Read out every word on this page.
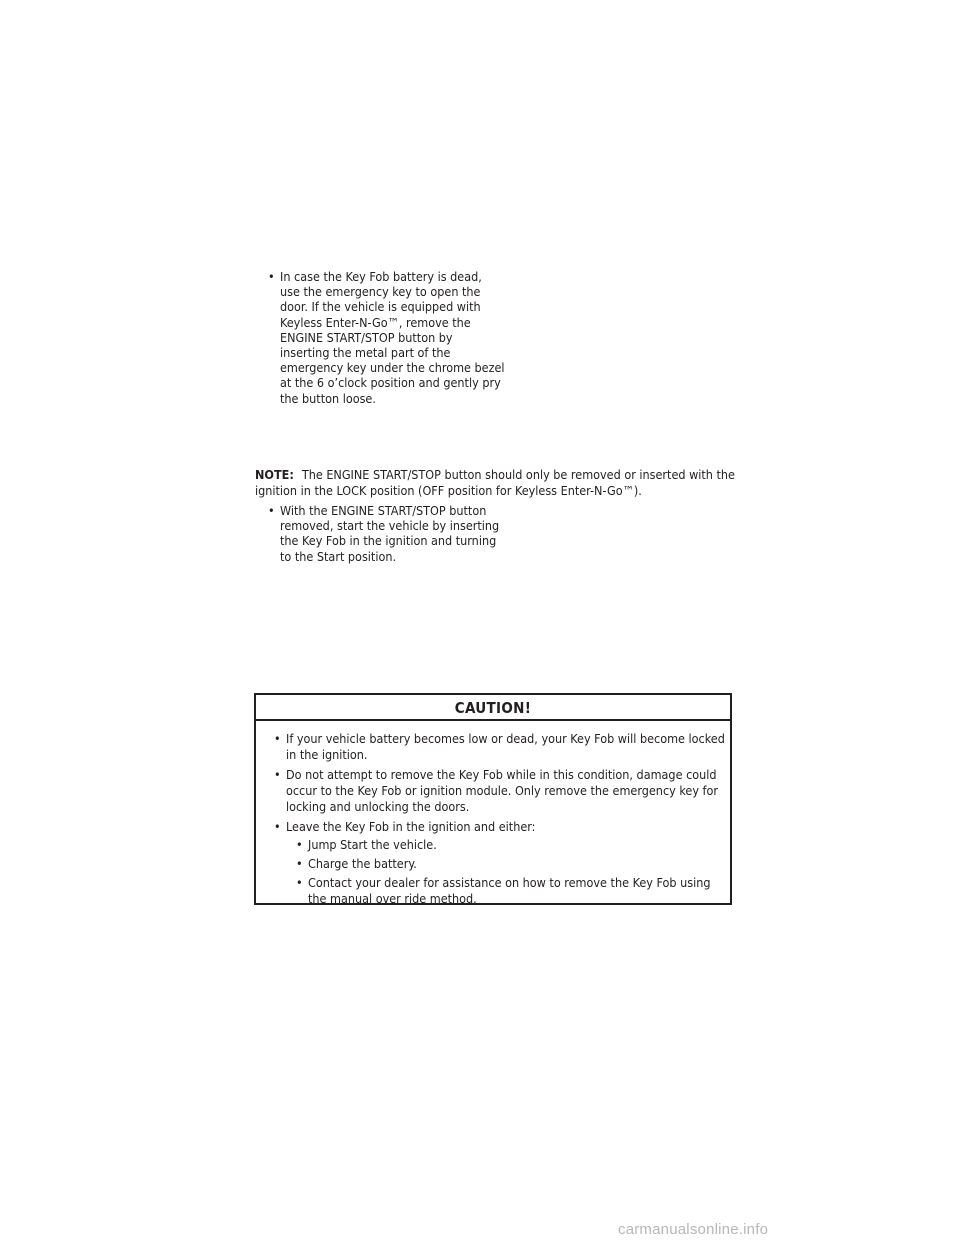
• In case the Key Fob battery is dead,
use the emergency key to open the
door. If the vehicle is equipped with
Keyless Enter-N-Go™, remove the
ENGINE START/STOP button by
inserting the metal part of the
emergency key under the chrome bezel
at the 6 o’clock position and gently pry
the button loose.
NOTE: The ENGINE START/STOP button should only be removed or inserted with the
ignition in the LOCK position (OFF position for Keyless Enter-N-Go™).
• With the ENGINE START/STOP button
removed, start the vehicle by inserting
the Key Fob in the ignition and turning
to the Start position.
CAUTION!
• If your vehicle battery becomes low or dead, your Key Fob will become locked
in the ignition.
• Do not attempt to remove the Key Fob while in this condition, damage could
occur to the Key Fob or ignition module. Only remove the emergency key for
locking and unlocking the doors.
• Leave the Key Fob in the ignition and either:
• Jump Start the vehicle.
• Charge the battery.
• Contact your dealer for assistance on how to remove the Key Fob using
the manual over ride method.
carmanualsonline.info
